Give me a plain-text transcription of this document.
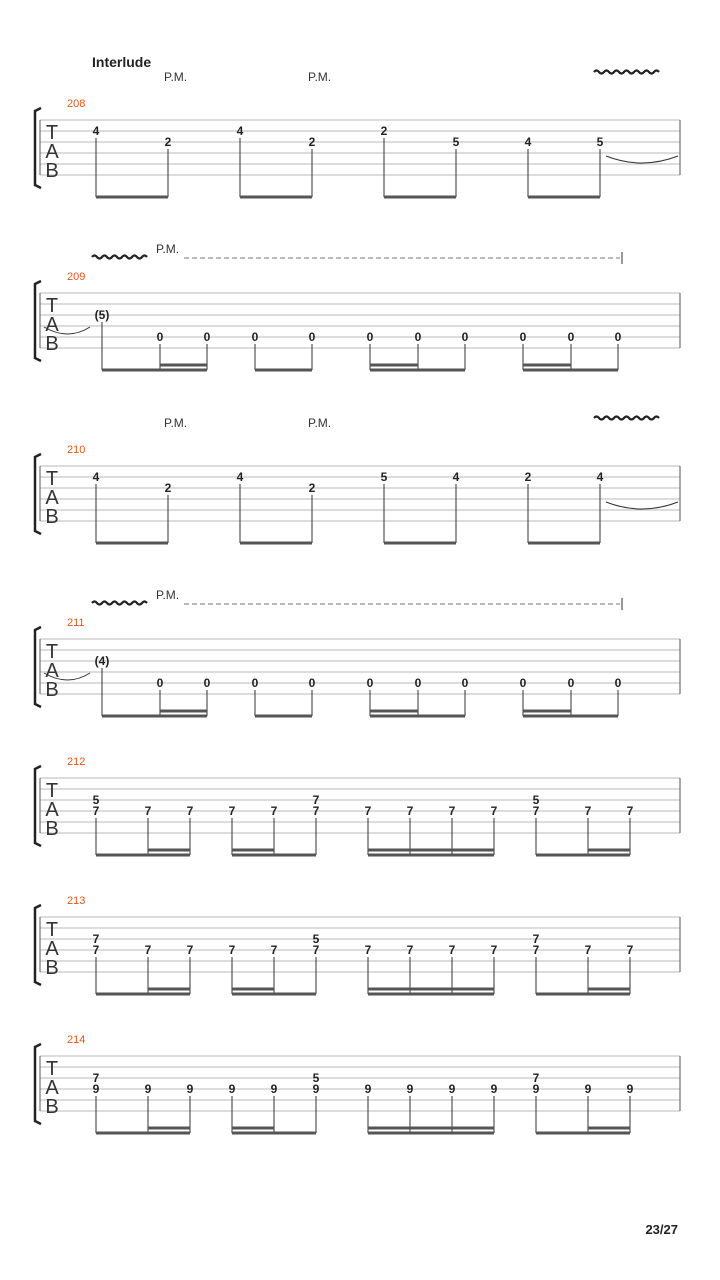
Interlude
208
T
A
B
P.M.	P.M.
4
2
4
2
2
5	4	5
209
T
A
B
P.M.
(5)
0	0	0	0	0	0	0	0	0	0
210
T
A
B
P.M.	P.M.
4
2
4
2
5	4	2	4
211
T
A
B
P.M.
(4)
0	0	0	0	0	0	0	0	0	0
212
T
A
B
5
7	7	7	7	7
7
7	7	7	7	7
5
7	7	7
213
T
A
B
7
7	7	7	7	7
5
7	7	7	7	7
7
7	7	7
214
T
A
B
7
9	9	9	9	9
5
9	9	9	9	9
7
9	9	9
23/27
